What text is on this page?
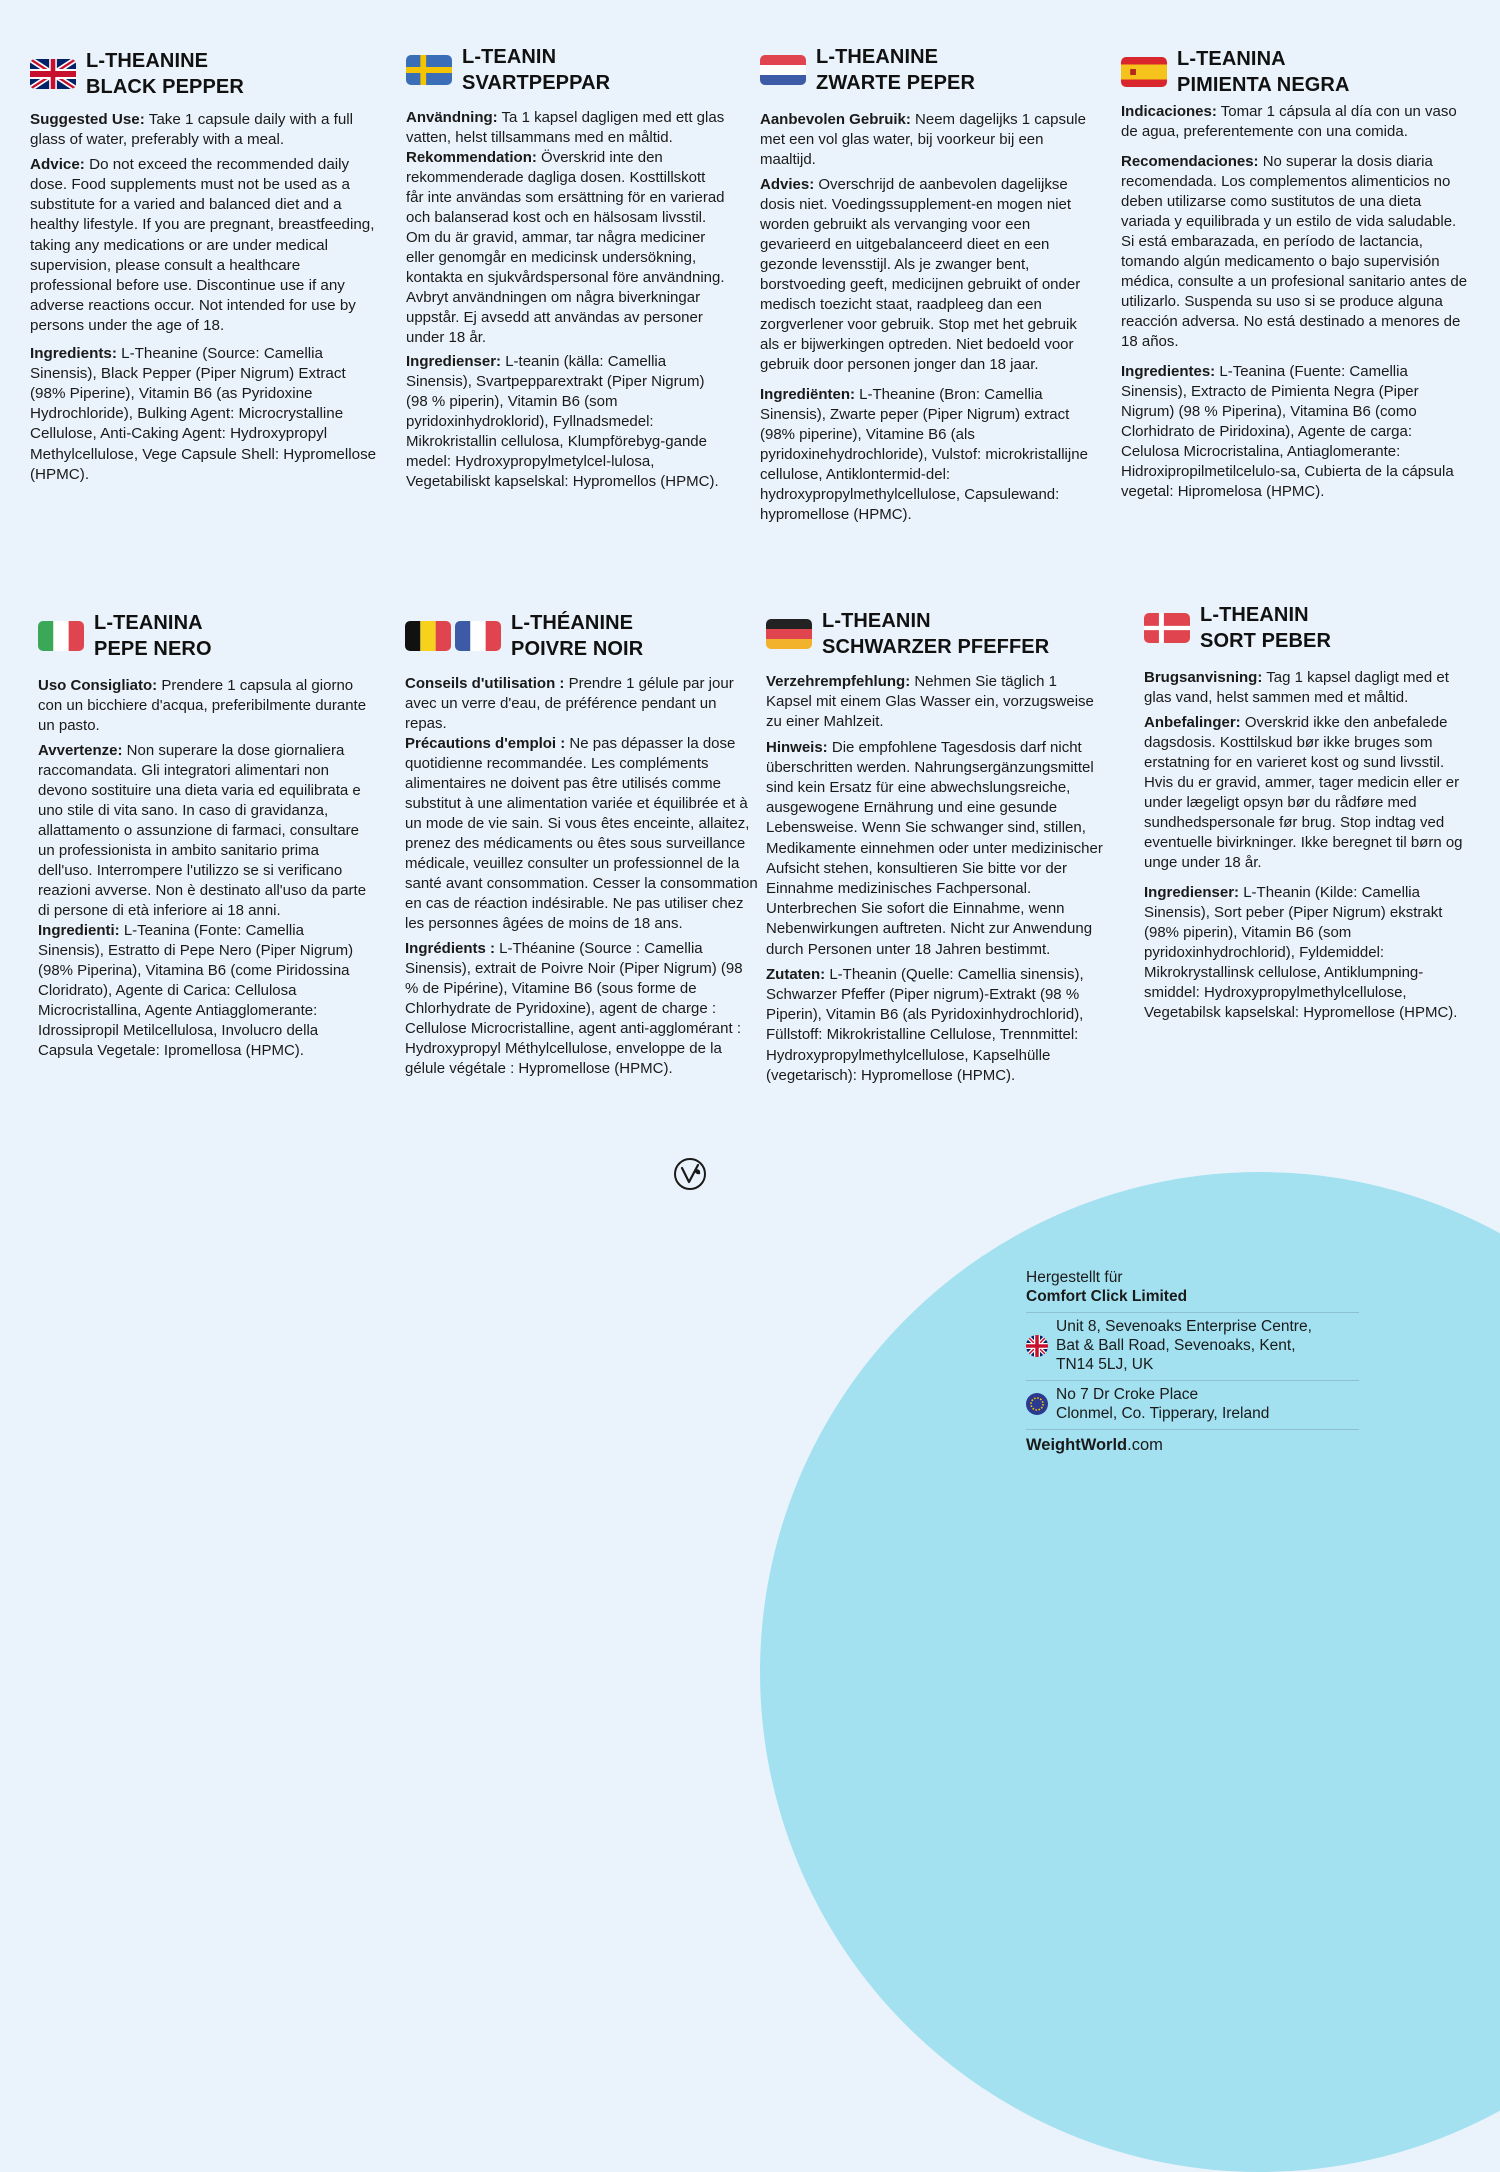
L-THEANINE
BLACK PEPPER

Suggested Use: Take 1 capsule daily with a full glass of water, preferably with a meal.

Advice: Do not exceed the recommended daily dose. Food supplements must not be used as a substitute for a varied and balanced diet and a healthy lifestyle. If you are pregnant, breastfeeding, taking any medications or are under medical supervision, please consult a healthcare professional before use. Discontinue use if any adverse reactions occur. Not intended for use by persons under the age of 18.

Ingredients: L-Theanine (Source: Camellia Sinensis), Black Pepper (Piper Nigrum) Extract (98% Piperine), Vitamin B6 (as Pyridoxine Hydrochloride), Bulking Agent: Microcrystalline Cellulose, Anti-Caking Agent: Hydroxypropyl Methylcellulose, Vege Capsule Shell: Hypromellose (HPMC).

L-TEANIN
SVARTPEPPAR

Användning: Ta 1 kapsel dagligen med ett glas vatten, helst tillsammans med en måltid.

Rekommendation: Överskrid inte den rekommenderade dagliga dosen. Kosttillskott får inte användas som ersättning för en varierad och balanserad kost och en hälsosam livsstil. Om du är gravid, ammar, tar några mediciner eller genomgår en medicinsk undersökning, kontakta en sjukvårdspersonal före användning. Avbryt användningen om några biverkningar uppstår. Ej avsedd att användas av personer under 18 år.

Ingredienser: L-teanin (källa: Camellia Sinensis), Svartpepparextrakt (Piper Nigrum) (98 % piperin), Vitamin B6 (som pyridoxinhydroklorid), Fyllnadsmedel: Mikrokristallin cellulosa, Klumpförebyg-gande medel: Hydroxypropylmetylcel-lulosa, Vegetabiliskt kapselskal: Hypromellos (HPMC).

L-THEANINE
ZWARTE PEPER

Aanbevolen Gebruik: Neem dagelijks 1 capsule met een vol glas water, bij voorkeur bij een maaltijd.

Advies: Overschrijd de aanbevolen dagelijkse dosis niet. Voedingssupplement-en mogen niet worden gebruikt als vervanging voor een gevarieerd en uitgebalanceerd dieet en een gezonde levensstijl. Als je zwanger bent, borstvoeding geeft, medicijnen gebruikt of onder medisch toezicht staat, raadpleeg dan een zorgverlener voor gebruik. Stop met het gebruik als er bijwerkingen optreden. Niet bedoeld voor gebruik door personen jonger dan 18 jaar.

Ingrediënten: L-Theanine (Bron: Camellia Sinensis), Zwarte peper (Piper Nigrum) extract (98% piperine), Vitamine B6 (als pyridoxinehydrochloride), Vulstof: microkristallijne cellulose, Antiklontermid-del: hydroxypropylmethylcellulose, Capsulewand: hypromellose (HPMC).

L-TEANINA
PIMIENTA NEGRA

Indicaciones: Tomar 1 cápsula al día con un vaso de agua, preferentemente con una comida.

Recomendaciones: No superar la dosis diaria recomendada. Los complementos alimenticios no deben utilizarse como sustitutos de una dieta variada y equilibrada y un estilo de vida saludable. Si está embarazada, en período de lactancia, tomando algún medicamento o bajo supervisión médica, consulte a un profesional sanitario antes de utilizarlo. Suspenda su uso si se produce alguna reacción adversa. No está destinado a menores de 18 años.

Ingredientes: L-Teanina (Fuente: Camellia Sinensis), Extracto de Pimienta Negra (Piper Nigrum) (98 % Piperina), Vitamina B6 (como Clorhidrato de Piridoxina), Agente de carga: Celulosa Microcristalina, Antiaglomerante: Hidroxipropilmetilcelulo-sa, Cubierta de la cápsula vegetal: Hipromelosa (HPMC).

L-TEANINA
PEPE NERO

Uso Consigliato: Prendere 1 capsula al giorno con un bicchiere d'acqua, preferibilmente durante un pasto.

Avvertenze: Non superare la dose giornaliera raccomandata. Gli integratori alimentari non devono sostituire una dieta varia ed equilibrata e uno stile di vita sano. In caso di gravidanza, allattamento o assunzione di farmaci, consultare un professionista in ambito sanitario prima dell'uso. Interrompere l'utilizzo se si verificano reazioni avverse. Non è destinato all'uso da parte di persone di età inferiore ai 18 anni.

Ingredienti: L-Teanina (Fonte: Camellia Sinensis), Estratto di Pepe Nero (Piper Nigrum) (98% Piperina), Vitamina B6 (come Piridossina Cloridrato), Agente di Carica: Cellulosa Microcristallina, Agente Antiagglomerante: Idrossipropil Metilcellulosa, Involucro della Capsula Vegetale: Ipromellosa (HPMC).

L-THÉANINE
POIVRE NOIR

Conseils d'utilisation : Prendre 1 gélule par jour avec un verre d'eau, de préférence pendant un repas.

Précautions d'emploi : Ne pas dépasser la dose quotidienne recommandée. Les compléments alimentaires ne doivent pas être utilisés comme substitut à une alimentation variée et équilibrée et à un mode de vie sain. Si vous êtes enceinte, allaitez, prenez des médicaments ou êtes sous surveillance médicale, veuillez consulter un professionnel de la santé avant consommation. Cesser la consommation en cas de réaction indésirable. Ne pas utiliser chez les personnes âgées de moins de 18 ans.

Ingrédients : L-Théanine (Source : Camellia Sinensis), extrait de Poivre Noir (Piper Nigrum) (98 % de Pipérine), Vitamine B6 (sous forme de Chlorhydrate de Pyridoxine), agent de charge : Cellulose Microcristalline, agent anti-agglomérant : Hydroxypropyl Méthylcellulose, enveloppe de la gélule végétale : Hypromellose (HPMC).

L-THEANIN
SCHWARZER PFEFFER

Verzehrempfehlung: Nehmen Sie täglich 1 Kapsel mit einem Glas Wasser ein, vorzugsweise zu einer Mahlzeit.

Hinweis: Die empfohlene Tagesdosis darf nicht überschritten werden. Nahrungsergänzungsmittel sind kein Ersatz für eine abwechslungsreiche, ausgewogene Ernährung und eine gesunde Lebensweise. Wenn Sie schwanger sind, stillen, Medikamente einnehmen oder unter medizinischer Aufsicht stehen, konsultieren Sie bitte vor der Einnahme medizinisches Fachpersonal. Unterbrechen Sie sofort die Einnahme, wenn Nebenwirkungen auftreten. Nicht zur Anwendung durch Personen unter 18 Jahren bestimmt.

Zutaten: L-Theanin (Quelle: Camellia sinensis), Schwarzer Pfeffer (Piper nigrum)-Extrakt (98 % Piperin), Vitamin B6 (als Pyridoxinhydrochlorid), Füllstoff: Mikrokristalline Cellulose, Trennmittel: Hydroxypropylmethylcellulose, Kapselhülle (vegetarisch): Hypromellose (HPMC).

L-THEANIN
SORT PEBER

Brugsanvisning: Tag 1 kapsel dagligt med et glas vand, helst sammen med et måltid.

Anbefalinger: Overskrid ikke den anbefalede dagsdosis. Kosttilskud bør ikke bruges som erstatning for en varieret kost og sund livsstil. Hvis du er gravid, ammer, tager medicin eller er under lægeligt opsyn bør du rådføre med sundhedspersonale før brug. Stop indtag ved eventuelle bivirkninger. Ikke beregnet til børn og unge under 18 år.

Ingredienser: L-Theanin (Kilde: Camellia Sinensis), Sort peber (Piper Nigrum) ekstrakt (98% piperin), Vitamin B6 (som pyridoxinhydrochlorid), Fyldemiddel: Mikrokrystallinsk cellulose, Antiklumpning-smiddel: Hydroxypropylmethylcellulose, Vegetabilsk kapselskal: Hypromellose (HPMC).

Hergestellt für
Comfort Click Limited
Unit 8, Sevenoaks Enterprise Centre,
Bat & Ball Road, Sevenoaks, Kent,
TN14 5LJ, UK
No 7 Dr Croke Place
Clonmel, Co. Tipperary, Ireland
WeightWorld.com
